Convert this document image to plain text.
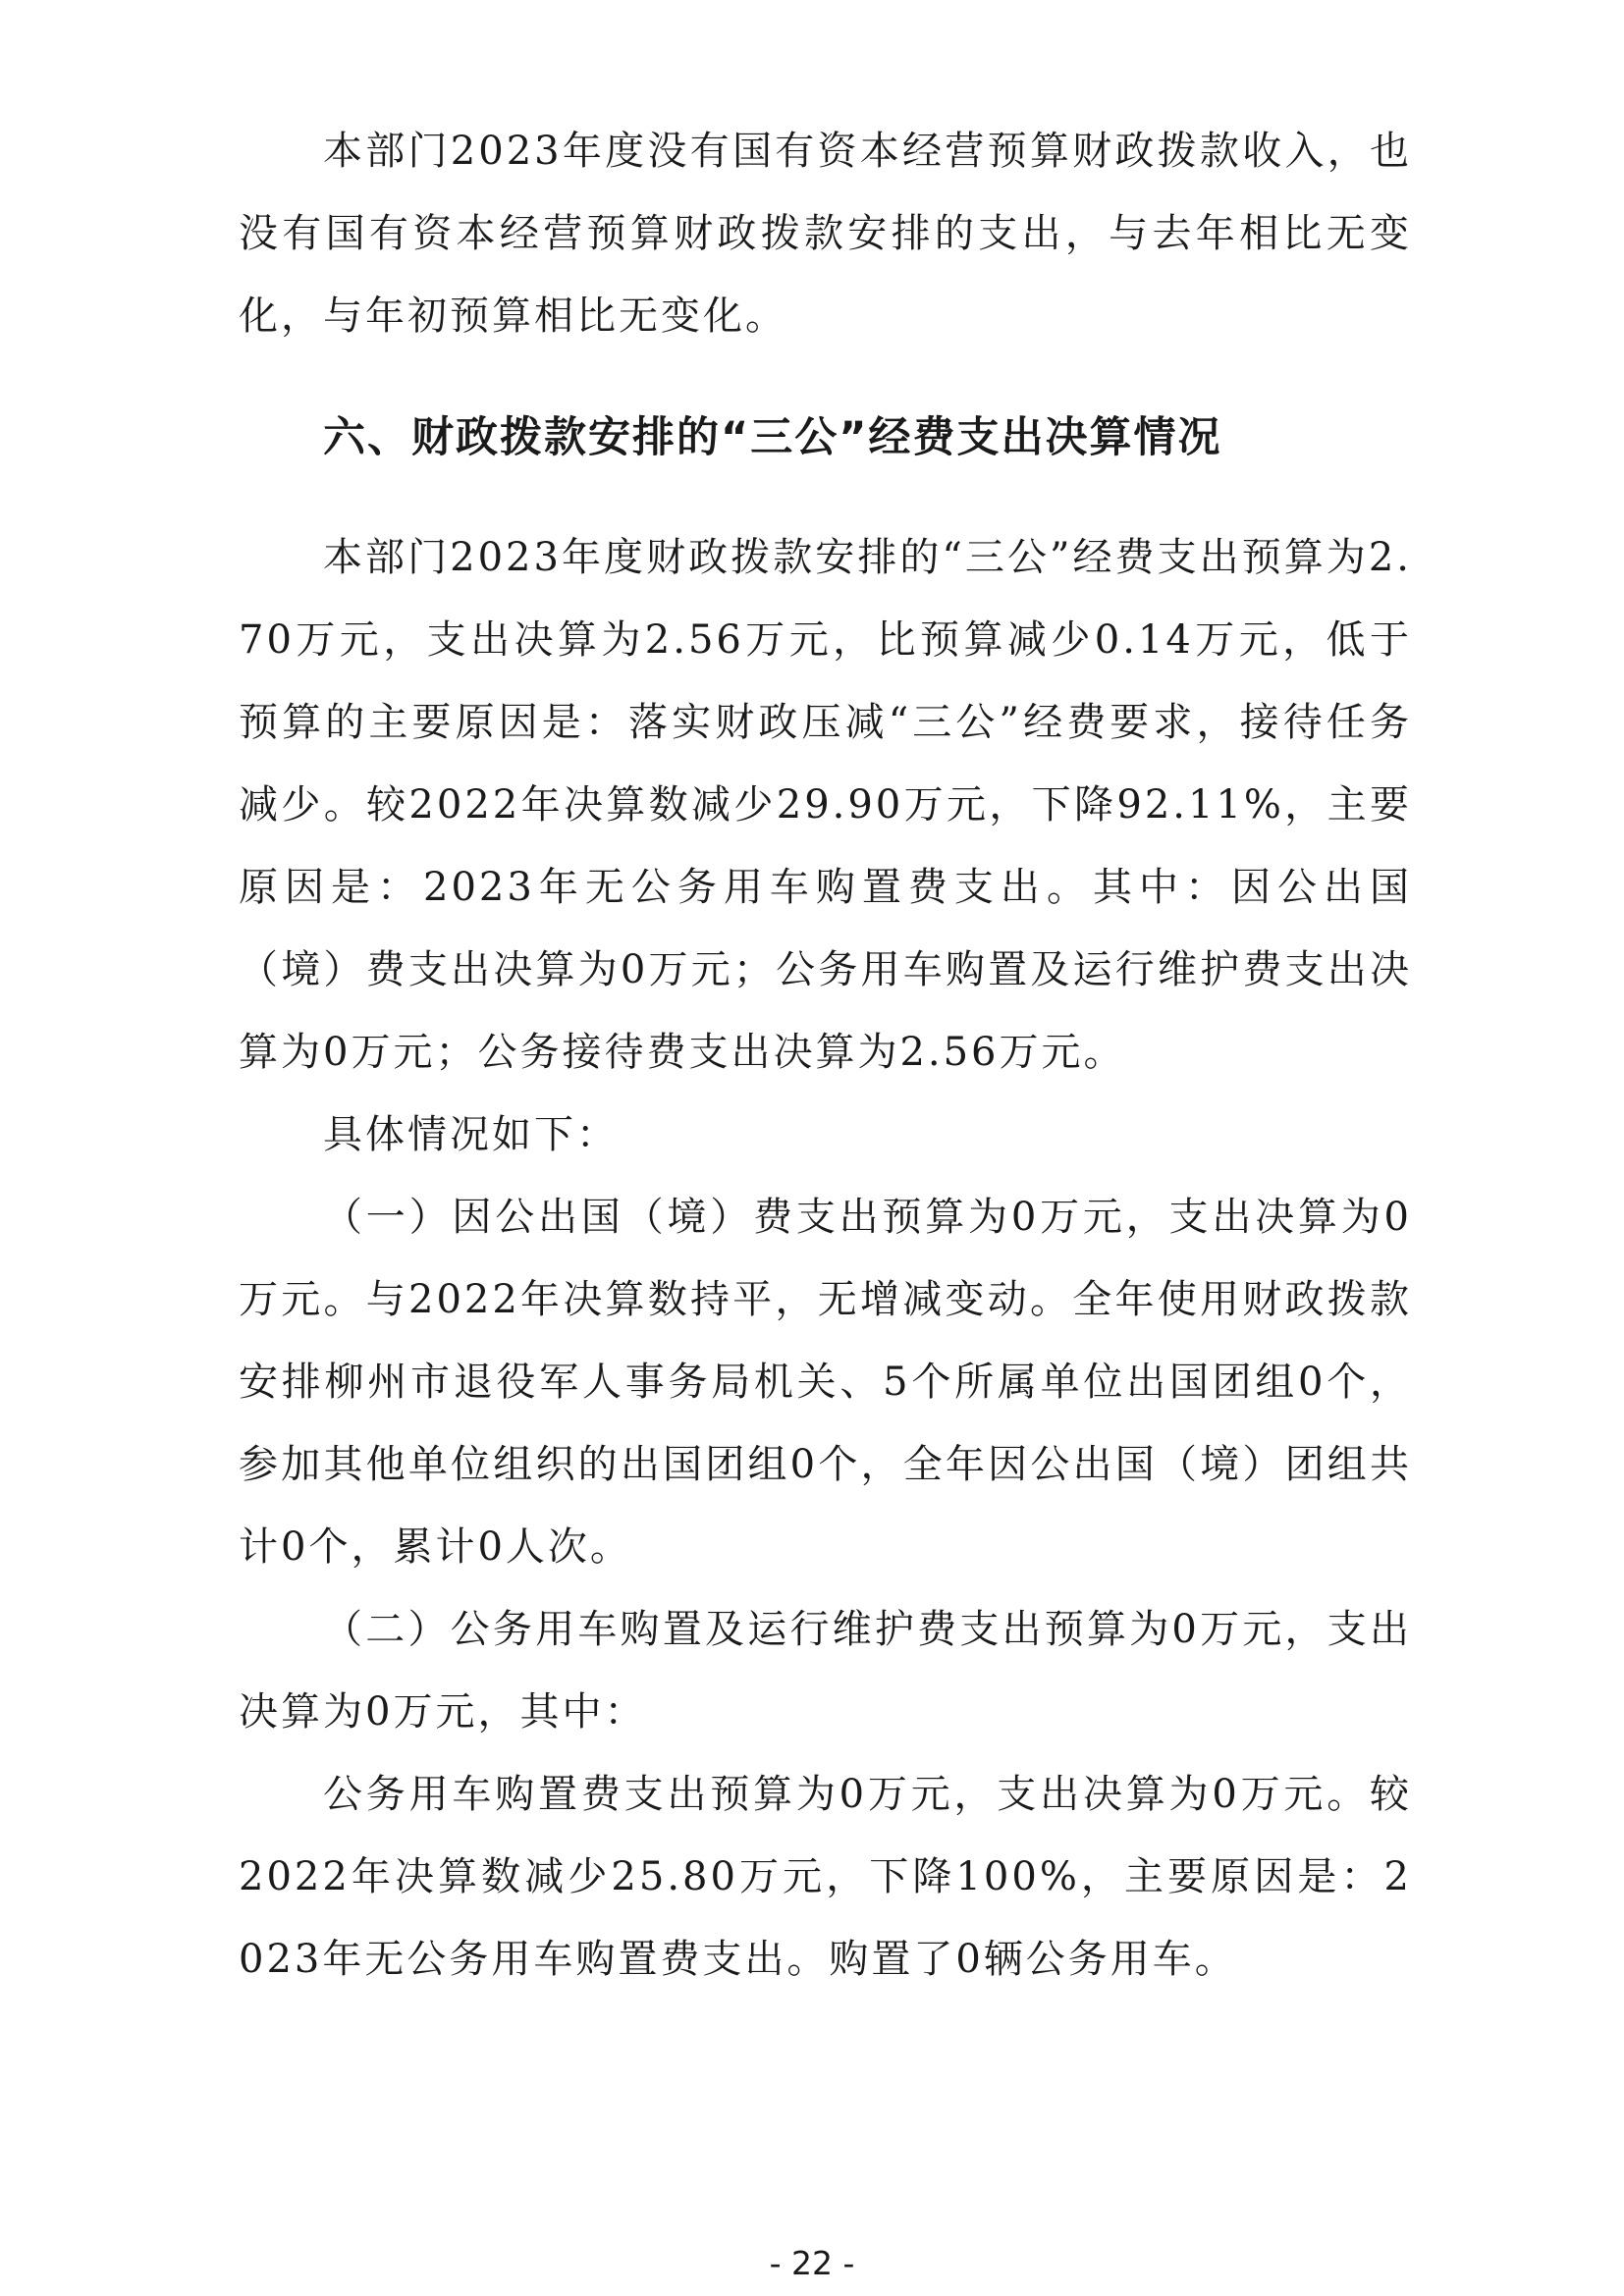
本部门2023年度没有国有资本经营预算财政拨款收入，也没有国有资本经营预算财政拨款安排的支出，与去年相比无变化，与年初预算相比无变化。

六、财政拨款安排的“三公”经费支出决算情况

本部门2023年度财政拨款安排的“三公”经费支出预算为2.70万元，支出决算为2.56万元，比预算减少0.14万元，低于预算的主要原因是：落实财政压减“三公”经费要求，接待任务减少。较2022年决算数减少29.90万元，下降92.11%，主要原因是：2023年无公务用车购置费支出。其中：因公出国（境）费支出决算为0万元；公务用车购置及运行维护费支出决算为0万元；公务接待费支出决算为2.56万元。

具体情况如下：

（一）因公出国（境）费支出预算为0万元，支出决算为0万元。与2022年决算数持平，无增减变动。全年使用财政拨款安排柳州市退役军人事务局机关、5个所属单位出国团组0个，参加其他单位组织的出国团组0个，全年因公出国（境）团组共计0个，累计0人次。

（二）公务用车购置及运行维护费支出预算为0万元，支出决算为0万元，其中：

公务用车购置费支出预算为0万元，支出决算为0万元。较2022年决算数减少25.80万元，下降100%，主要原因是：2023年无公务用车购置费支出。购置了0辆公务用车。

- 22 -
